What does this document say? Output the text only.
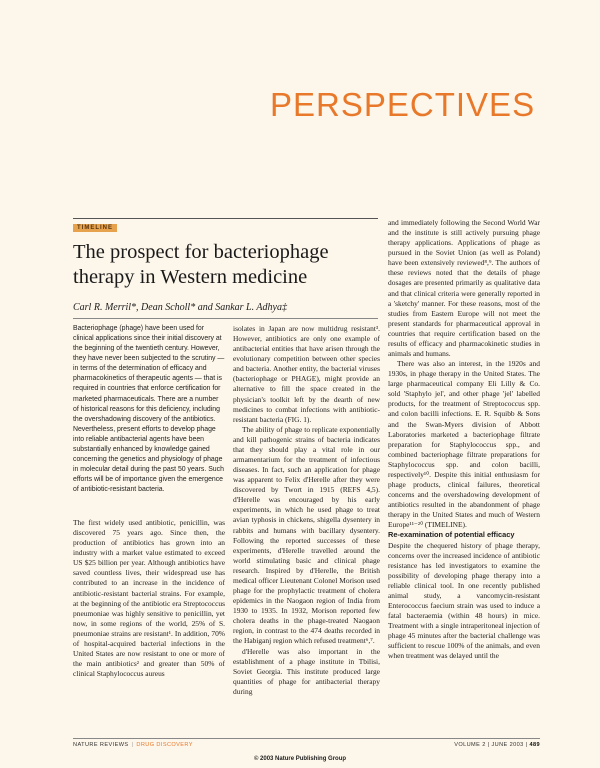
PERSPECTIVES
TIMELINE
The prospect for bacteriophage therapy in Western medicine
Carl R. Merril*, Dean Scholl* and Sankar L. Adhya‡

Bacteriophage (phage) have been used for clinical applications since their initial discovery at the beginning of the twentieth century. However, they have never been subjected to the scrutiny — in terms of the determination of efficacy and pharmacokinetics of therapeutic agents — that is required in countries that enforce certification for marketed pharmaceuticals. There are a number of historical reasons for this deficiency, including the overshadowing discovery of the antibiotics. Nevertheless, present efforts to develop phage into reliable antibacterial agents have been substantially enhanced by knowledge gained concerning the genetics and physiology of phage in molecular detail during the past 50 years. Such efforts will be of importance given the emergence of antibiotic-resistant bacteria.

The first widely used antibiotic, penicillin, was discovered 75 years ago. Since then, the production of antibiotics has grown into an industry with a market value estimated to exceed US $25 billion per year. Although antibiotics have saved countless lives, their widespread use has contributed to an increase in the incidence of antibiotic-resistant bacterial strains. For example, at the beginning of the antibiotic era Streptococcus pneumoniae was highly sensitive to penicillin, yet now, in some regions of the world, 25% of S. pneumoniae strains are resistant¹. In addition, 70% of hospital-acquired bacterial infections in the United States are now resistant to one or more of the main antibiotics² and greater than 50% of clinical Staphylococcus aureus

isolates in Japan are now multidrug resistant³. However, antibiotics are only one example of antibacterial entities that have arisen through the evolutionary competition between other species and bacteria. Another entity, the bacterial viruses (bacteriophage or PHAGE), might provide an alternative to fill the space created in the physician's toolkit left by the dearth of new medicines to combat infections with antibiotic-resistant bacteria (FIG. 1).

The ability of phage to replicate exponentially and kill pathogenic strains of bacteria indicates that they should play a vital role in our armamentarium for the treatment of infectious diseases. In fact, such an application for phage was apparent to Felix d'Herelle after they were discovered by Twort in 1915 (REFS 4,5). d'Herelle was encouraged by his early experiments, in which he used phage to treat avian typhosis in chickens, shigella dysentery in rabbits and humans with bacillary dysentery. Following the reported successes of these experiments, d'Herelle travelled around the world stimulating basic and clinical phage research. Inspired by d'Herelle, the British medical officer Lieutenant Colonel Morison used phage for the prophylactic treatment of cholera epidemics in the Naogaon region of India from 1930 to 1935. In 1932, Morison reported few cholera deaths in the phage-treated Naogaon region, in contrast to the 474 deaths recorded in the Habiganj region which refused treatment⁶,⁷.

d'Herelle was also important in the establishment of a phage institute in Tbilisi, Soviet Georgia. This institute produced large quantities of phage for antibacterial therapy during

and immediately following the Second World War and the institute is still actively pursuing phage therapy applications. Applications of phage as pursued in the Soviet Union (as well as Poland) have been extensively reviewed⁸,⁹. The authors of these reviews noted that the details of phage dosages are presented primarily as qualitative data and that clinical criteria were generally reported in a 'sketchy' manner. For these reasons, most of the studies from Eastern Europe will not meet the present standards for pharmaceutical approval in countries that require certification based on the results of efficacy and pharmacokinetic studies in animals and humans.

There was also an interest, in the 1920s and 1930s, in phage therapy in the United States. The large pharmaceutical company Eli Lilly & Co. sold 'Staphylo jel', and other phage 'jel' labelled products, for the treatment of Streptococcus spp. and colon bacilli infections. E. R. Squibb & Sons and the Swan-Myers division of Abbott Laboratories marketed a bacteriophage filtrate preparation for Staphylococcus spp., and combined bacteriophage filtrate preparations for Staphylococcus spp. and colon bacilli, respectively¹⁰. Despite this initial enthusiasm for phage products, clinical failures, theoretical concerns and the overshadowing development of antibiotics resulted in the abandonment of phage therapy in the United States and much of Western Europe¹¹⁻²⁰ (TIMELINE).

Re-examination of potential efficacy

Despite the chequered history of phage therapy, concerns over the increased incidence of antibiotic resistance has led investigators to examine the possibility of developing phage therapy into a reliable clinical tool. In one recently published animal study, a vancomycin-resistant Enterococcus faecium strain was used to induce a fatal bacteraemia (within 48 hours) in mice. Treatment with a single intraperitoneal injection of phage 45 minutes after the bacterial challenge was sufficient to rescue 100% of the animals, and even when treatment was delayed until the

NATURE REVIEWS | DRUG DISCOVERY	VOLUME 2 | JUNE 2003 | 489
© 2003 Nature Publishing Group
